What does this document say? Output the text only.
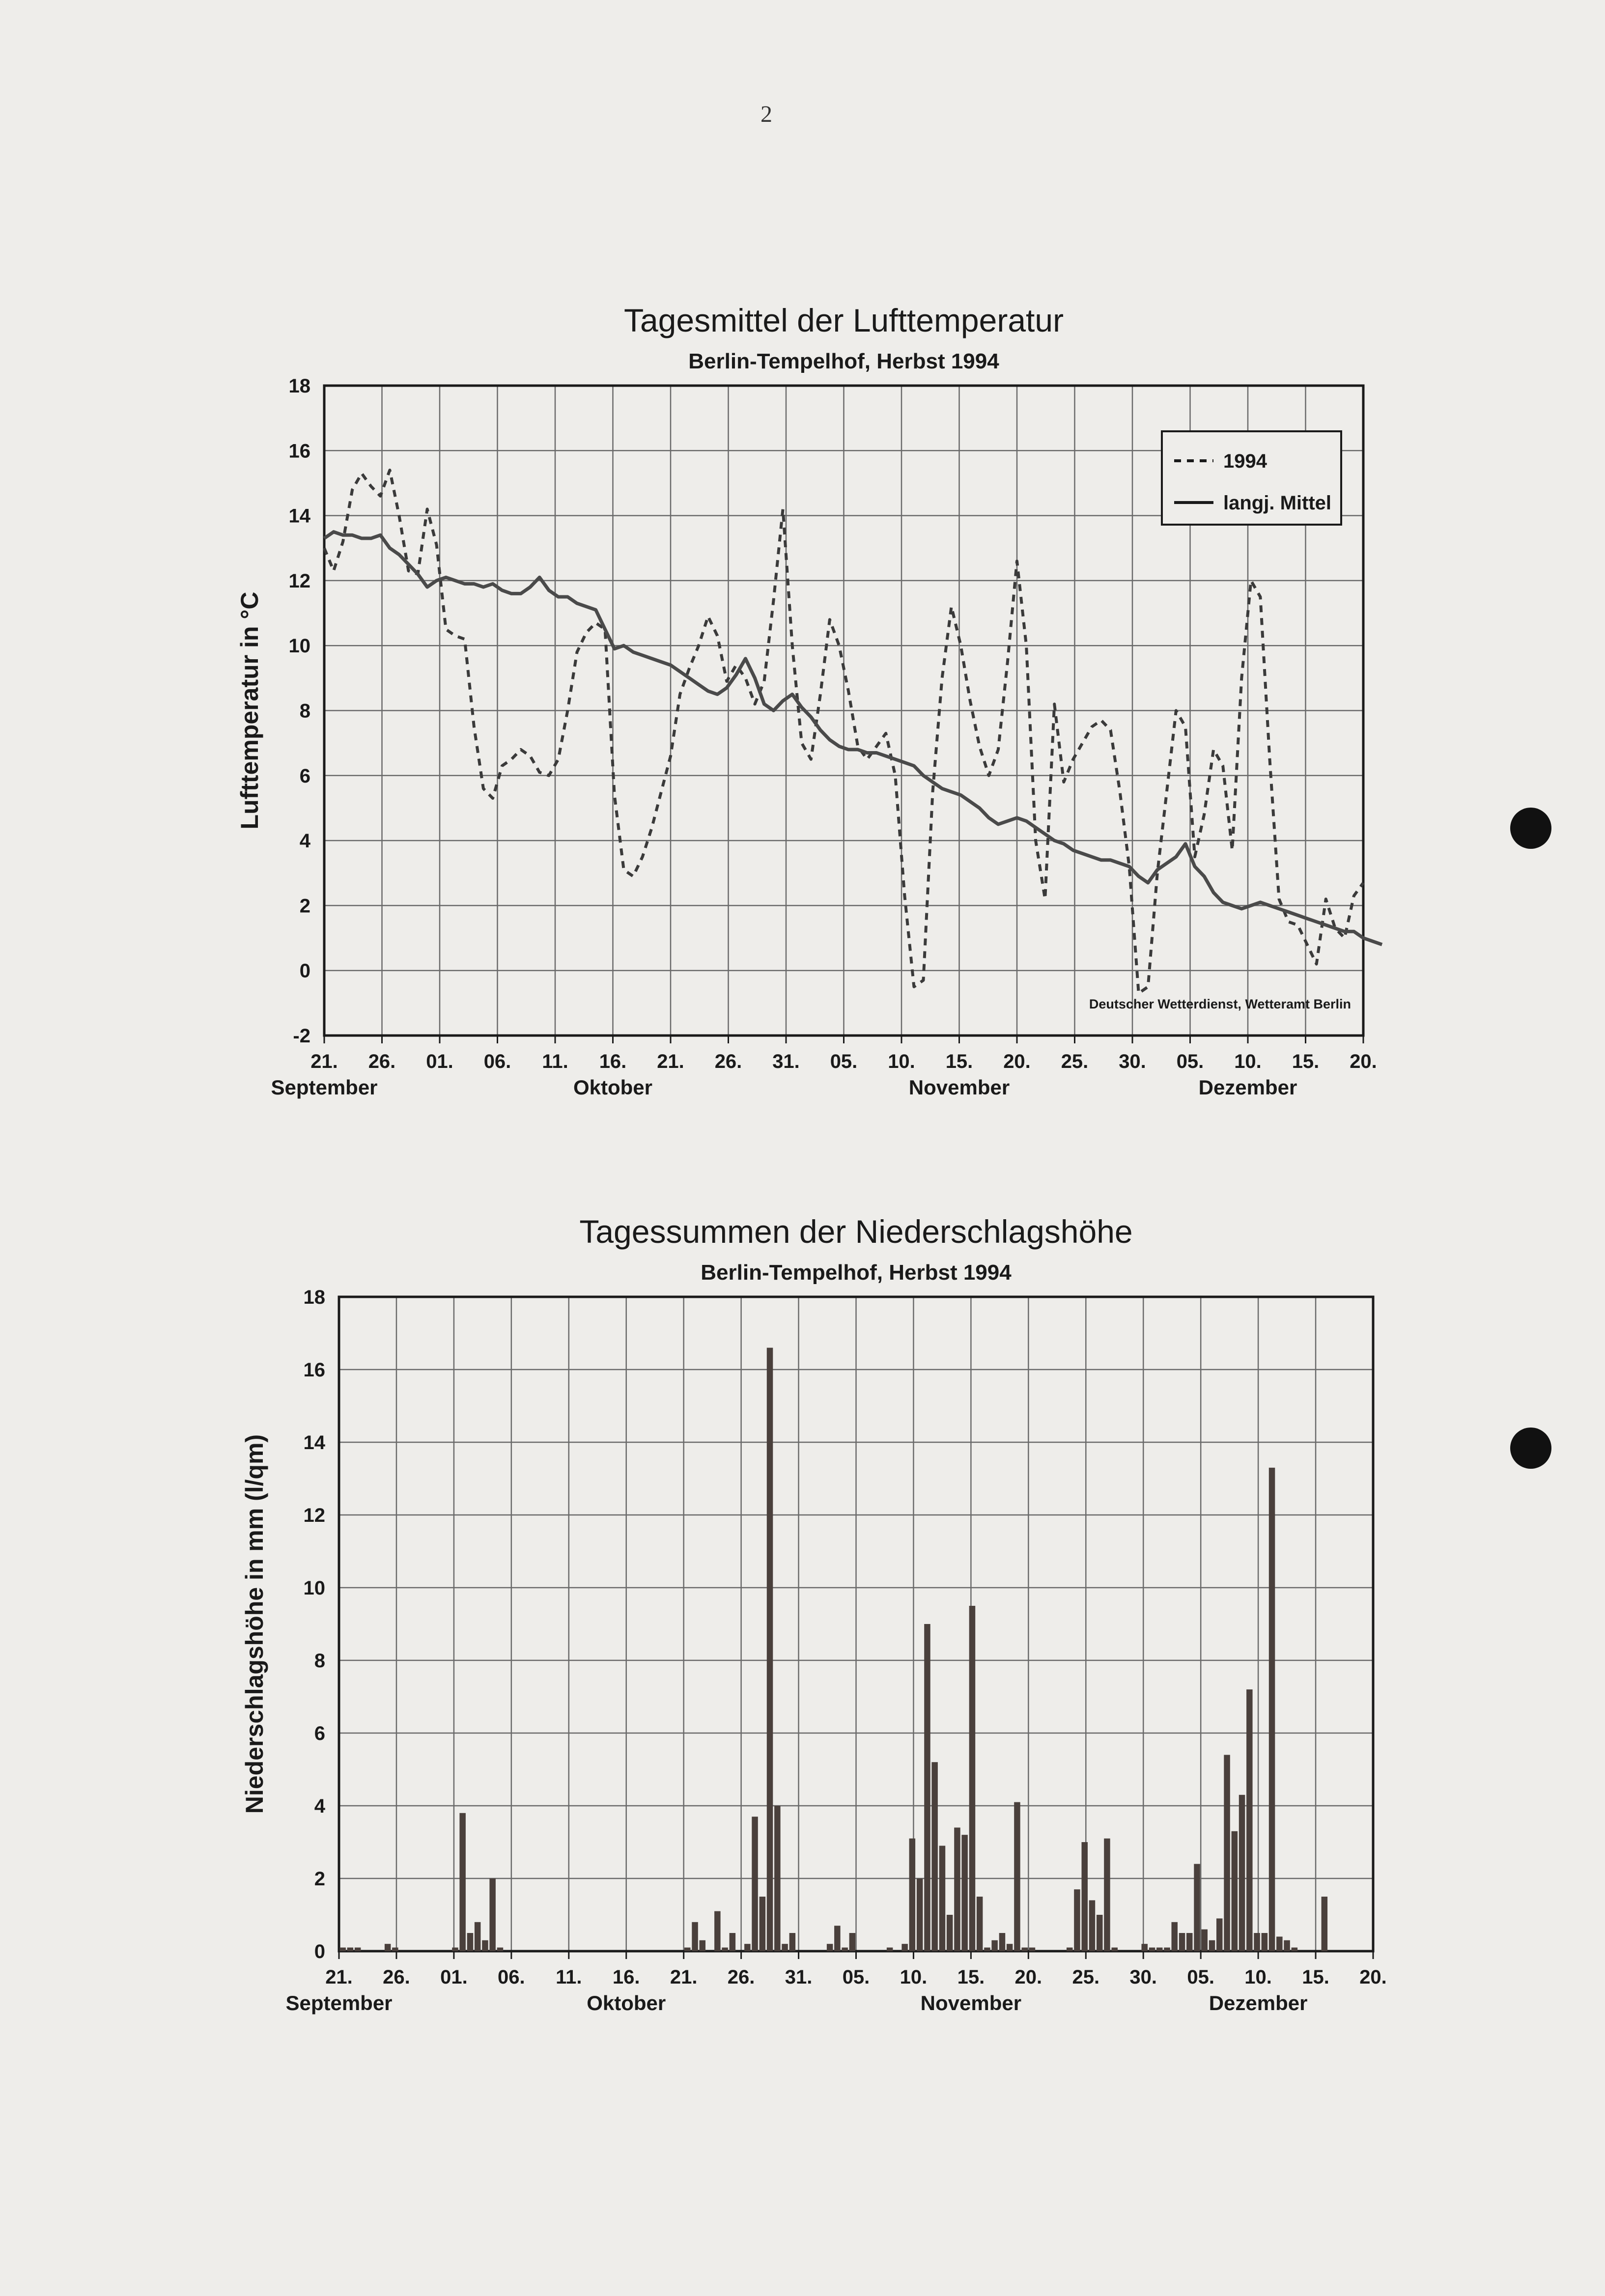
2
Tagesmittel der Lufttemperatur
Berlin-Tempelhof, Herbst 1994
-2
0
2
4
6
8
10
12
14
16
18
21. 26. 01. 06. 11. 16. 21. 26. 31. 05. 10. 15. 20. 25. 30. 05. 10. 15. 20.
September	Oktober	November	Dezember
Lufttemperatur in °C
1994
langj. Mittel
Deutscher Wetterdienst, Wetteramt Berlin
Tagessummen der Niederschlagshöhe
Berlin-Tempelhof, Herbst 1994
0
2
4
6
8
10
12
14
16
18
21. 26. 01. 06. 11. 16. 21. 26. 31. 05. 10. 15. 20. 25. 30. 05. 10. 15. 20.
September	Oktober	November	Dezember
Niederschlagshöhe in mm (l/qm)
